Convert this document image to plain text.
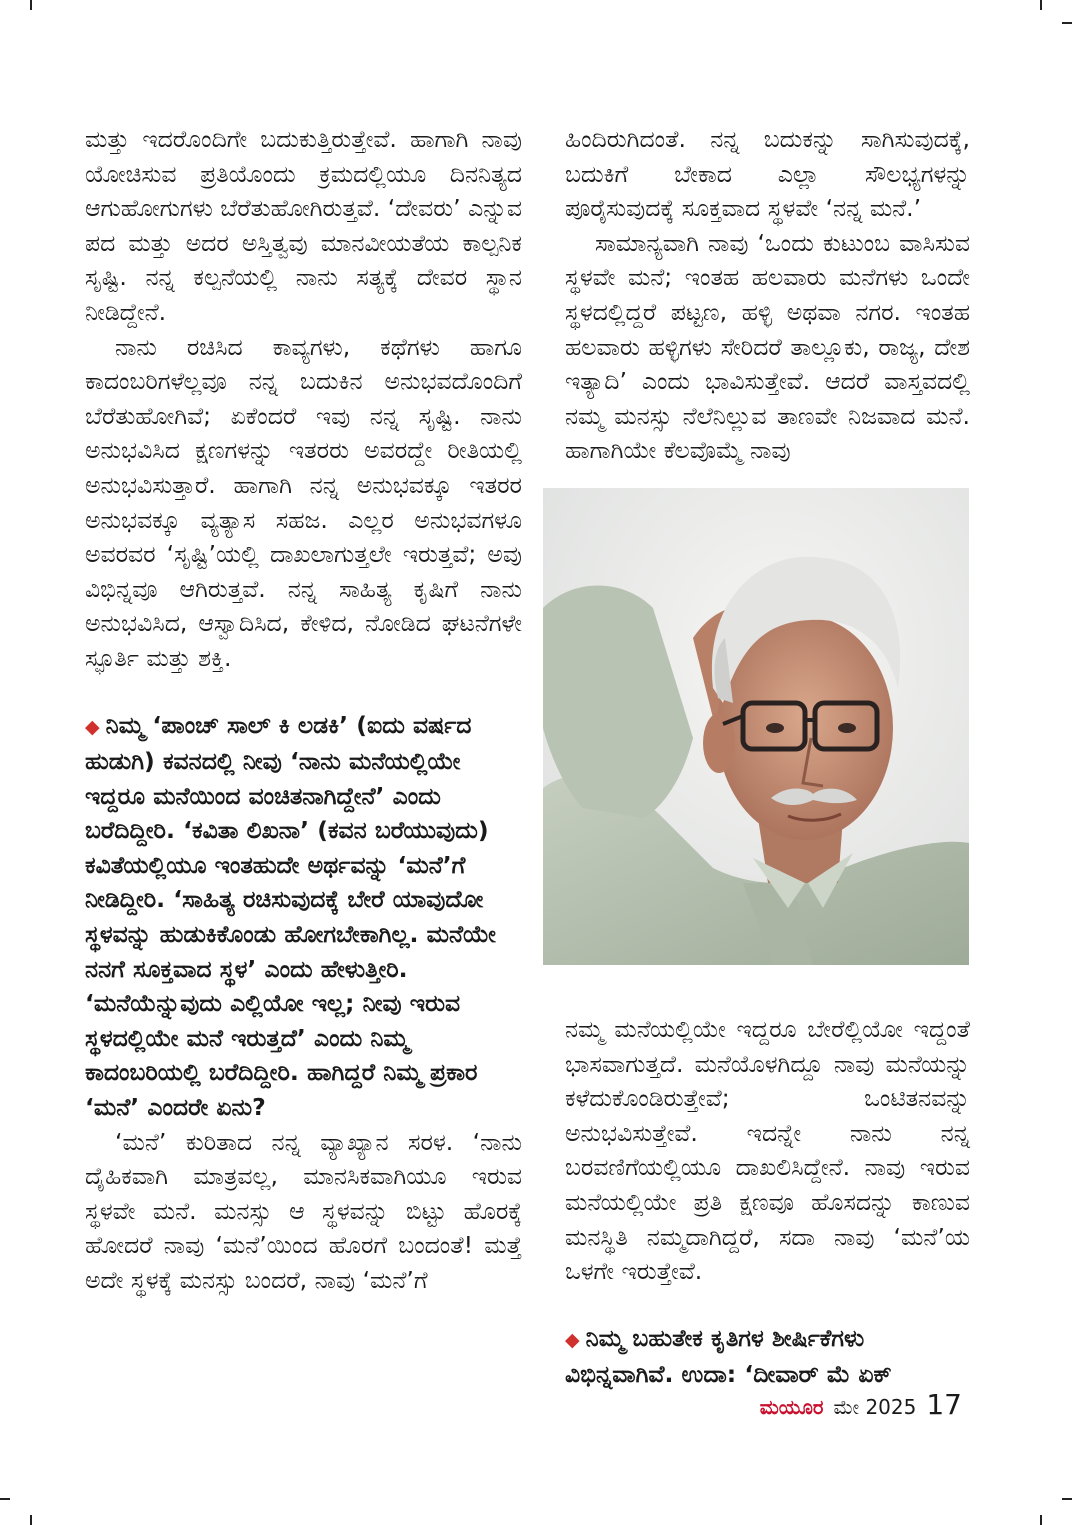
ಮತ್ತು ಇದರೊಂದಿಗೇ ಬದುಕುತ್ತಿರುತ್ತೇವೆ. ಹಾಗಾಗಿ ನಾವು ಯೋಚಿಸುವ ಪ್ರತಿಯೊಂದು ಕ್ರಮದಲ್ಲಿಯೂ ದಿನನಿತ್ಯದ ಆಗುಹೋಗುಗಳು ಬೆರೆತುಹೋಗಿರುತ್ತವೆ. ‘ದೇವರು’ ಎನ್ನುವ ಪದ ಮತ್ತು ಅದರ ಅಸ್ತಿತ್ವವು ಮಾನವೀಯತೆಯ ಕಾಲ್ಪನಿಕ ಸೃಷ್ಟಿ. ನನ್ನ ಕಲ್ಪನೆಯಲ್ಲಿ ನಾನು ಸತ್ಯಕ್ಕೆ ದೇವರ ಸ್ಥಾನ ನೀಡಿದ್ದೇನೆ.

ನಾನು ರಚಿಸಿದ ಕಾವ್ಯಗಳು, ಕಥೆಗಳು ಹಾಗೂ ಕಾದಂಬರಿಗಳೆಲ್ಲವೂ ನನ್ನ ಬದುಕಿನ ಅನುಭವದೊಂದಿಗೆ ಬೆರೆತುಹೋಗಿವೆ; ಏಕೆಂದರೆ ಇವು ನನ್ನ ಸೃಷ್ಟಿ. ನಾನು ಅನುಭವಿಸಿದ ಕ್ಷಣಗಳನ್ನು ಇತರರು ಅವರದ್ದೇ ರೀತಿಯಲ್ಲಿ ಅನುಭವಿಸುತ್ತಾರೆ. ಹಾಗಾಗಿ ನನ್ನ ಅನುಭವಕ್ಕೂ ಇತರರ ಅನುಭವಕ್ಕೂ ವ್ಯತ್ಯಾಸ ಸಹಜ. ಎಲ್ಲರ ಅನುಭವಗಳೂ ಅವರವರ ‘ಸೃಷ್ಟಿ’ಯಲ್ಲಿ ದಾಖಲಾಗುತ್ತಲೇ ಇರುತ್ತವೆ; ಅವು ವಿಭಿನ್ನವೂ ಆಗಿರುತ್ತವೆ. ನನ್ನ ಸಾಹಿತ್ಯ ಕೃಷಿಗೆ ನಾನು ಅನುಭವಿಸಿದ, ಆಸ್ವಾದಿಸಿದ, ಕೇಳಿದ, ನೋಡಿದ ಘಟನೆಗಳೇ ಸ್ಫೂರ್ತಿ ಮತ್ತು ಶಕ್ತಿ.

◆ ನಿಮ್ಮ ‘ಪಾಂಚ್ ಸಾಲ್ ಕಿ ಲಡಕಿ’ (ಐದು ವರ್ಷದ ಹುಡುಗಿ) ಕವನದಲ್ಲಿ ನೀವು ‘ನಾನು ಮನೆಯಲ್ಲಿಯೇ ಇದ್ದರೂ ಮನೆಯಿಂದ ವಂಚಿತನಾಗಿದ್ದೇನೆ’ ಎಂದು ಬರೆದಿದ್ದೀರಿ. ‘ಕವಿತಾ ಲಿಖನಾ’ (ಕವನ ಬರೆಯುವುದು) ಕವಿತೆಯಲ್ಲಿಯೂ ಇಂತಹುದೇ ಅರ್ಥವನ್ನು ‘ಮನೆ’ಗೆ ನೀಡಿದ್ದೀರಿ. ‘ಸಾಹಿತ್ಯ ರಚಿಸುವುದಕ್ಕೆ ಬೇರೆ ಯಾವುದೋ ಸ್ಥಳವನ್ನು ಹುಡುಕಿಕೊಂಡು ಹೋಗಬೇಕಾಗಿಲ್ಲ. ಮನೆಯೇ ನನಗೆ ಸೂಕ್ತವಾದ ಸ್ಥಳ’ ಎಂದು ಹೇಳುತ್ತೀರಿ. ‘ಮನೆಯೆನ್ನುವುದು ಎಲ್ಲಿಯೋ ಇಲ್ಲ; ನೀವು ಇರುವ ಸ್ಥಳದಲ್ಲಿಯೇ ಮನೆ ಇರುತ್ತದೆ’ ಎಂದು ನಿಮ್ಮ ಕಾದಂಬರಿಯಲ್ಲಿ ಬರೆದಿದ್ದೀರಿ. ಹಾಗಿದ್ದರೆ ನಿಮ್ಮ ಪ್ರಕಾರ ‘ಮನೆ’ ಎಂದರೇ ಏನು?

‘ಮನೆ’ ಕುರಿತಾದ ನನ್ನ ವ್ಯಾಖ್ಯಾನ ಸರಳ. ‘ನಾನು ದೈಹಿಕವಾಗಿ ಮಾತ್ರವಲ್ಲ, ಮಾನಸಿಕವಾಗಿಯೂ ಇರುವ ಸ್ಥಳವೇ ಮನೆ. ಮನಸ್ಸು ಆ ಸ್ಥಳವನ್ನು ಬಿಟ್ಟು ಹೊರಕ್ಕೆ ಹೋದರೆ ನಾವು ‘ಮನೆ’ಯಿಂದ ಹೊರಗೆ ಬಂದಂತೆ! ಮತ್ತೆ ಅದೇ ಸ್ಥಳಕ್ಕೆ ಮನಸ್ಸು ಬಂದರೆ, ನಾವು ‘ಮನೆ’ಗೆ

ಹಿಂದಿರುಗಿದಂತೆ. ನನ್ನ ಬದುಕನ್ನು ಸಾಗಿಸುವುದಕ್ಕೆ, ಬದುಕಿಗೆ ಬೇಕಾದ ಎಲ್ಲಾ ಸೌಲಭ್ಯಗಳನ್ನು ಪೂರೈಸುವುದಕ್ಕೆ ಸೂಕ್ತವಾದ ಸ್ಥಳವೇ ‘ನನ್ನ ಮನೆ.’

ಸಾಮಾನ್ಯವಾಗಿ ನಾವು ‘ಒಂದು ಕುಟುಂಬ ವಾಸಿಸುವ ಸ್ಥಳವೇ ಮನೆ; ಇಂತಹ ಹಲವಾರು ಮನೆಗಳು ಒಂದೇ ಸ್ಥಳದಲ್ಲಿದ್ದರೆ ಪಟ್ಟಣ, ಹಳ್ಳಿ ಅಥವಾ ನಗರ. ಇಂತಹ ಹಲವಾರು ಹಳ್ಳಿಗಳು ಸೇರಿದರೆ ತಾಲ್ಲೂಕು, ರಾಜ್ಯ, ದೇಶ ಇತ್ಯಾದಿ’ ಎಂದು ಭಾವಿಸುತ್ತೇವೆ. ಆದರೆ ವಾಸ್ತವದಲ್ಲಿ ನಮ್ಮ ಮನಸ್ಸು ನೆಲೆನಿಲ್ಲುವ ತಾಣವೇ ನಿಜವಾದ ಮನೆ. ಹಾಗಾಗಿಯೇ ಕೆಲವೊಮ್ಮೆ ನಾವು

ನಮ್ಮ ಮನೆಯಲ್ಲಿಯೇ ಇದ್ದರೂ ಬೇರೆಲ್ಲಿಯೋ ಇದ್ದಂತೆ ಭಾಸವಾಗುತ್ತದೆ. ಮನೆಯೊಳಗಿದ್ದೂ ನಾವು ಮನೆಯನ್ನು ಕಳೆದುಕೊಂಡಿರುತ್ತೇವೆ; ಒಂಟಿತನವನ್ನು ಅನುಭವಿಸುತ್ತೇವೆ. ಇದನ್ನೇ ನಾನು ನನ್ನ ಬರವಣಿಗೆಯಲ್ಲಿಯೂ ದಾಖಲಿಸಿದ್ದೇನೆ. ನಾವು ಇರುವ ಮನೆಯಲ್ಲಿಯೇ ಪ್ರತಿ ಕ್ಷಣವೂ ಹೊಸದನ್ನು ಕಾಣುವ ಮನಸ್ಥಿತಿ ನಮ್ಮದಾಗಿದ್ದರೆ, ಸದಾ ನಾವು ‘ಮನೆ’ಯ ಒಳಗೇ ಇರುತ್ತೇವೆ.

◆ ನಿಮ್ಮ ಬಹುತೇಕ ಕೃತಿಗಳ ಶೀರ್ಷಿಕೆಗಳು ವಿಭಿನ್ನವಾಗಿವೆ. ಉದಾ: ‘ದೀವಾರ್ ಮೆ ಏಕ್

ಮಯೂರ ಮೇ 2025 17
